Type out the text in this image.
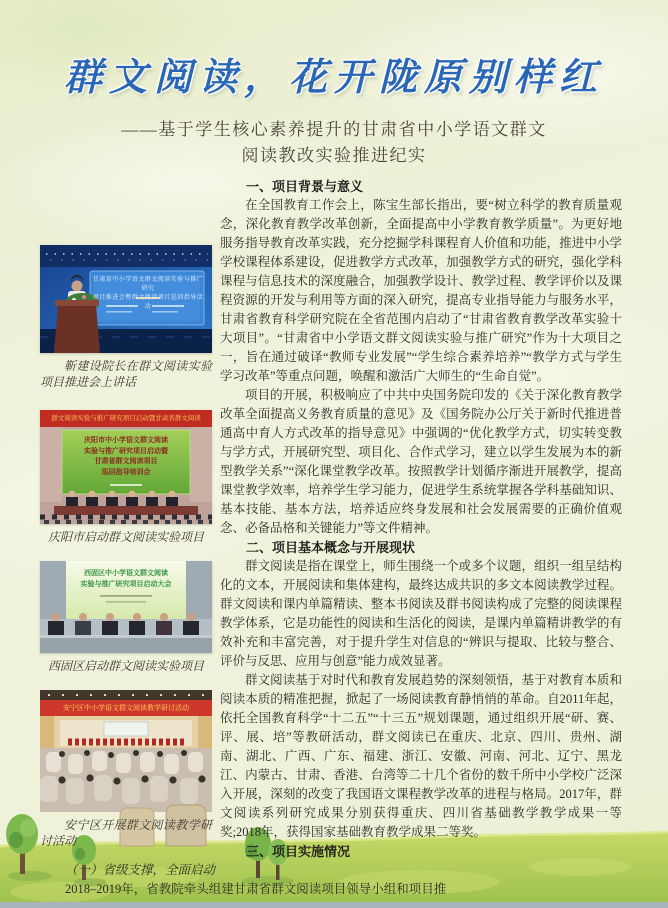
群文阅读，花开陇原别样红
——基于学生核心素养提升的甘肃省中小学语文群文
阅读教改实验推进纪实
甘肃省中小学语文群文阅读实验与推广研究
项目推进会暨群文阅读项目巡回指导活动
靳建设院长在群文阅读实验项目推进会上讲话
群文阅读实验与推广研究项目启动暨甘肃省群文阅读
庆阳市中小学语文群文阅读
实验与推广研究项目启动暨
甘肃省群文阅读项目
巡回指导培训会
庆阳市启动群文阅读实验项目
西固区中小学语文群文阅读
实验与推广研究项目启动大会
西固区启动群文阅读实验项目
安宁区中小学语文群文阅读教学研讨活动
安宁区开展群文阅读教学研讨活动
一、项目背景与意义

在全国教育工作会上，陈宝生部长指出，要“树立科学的教育质量观念，深化教育教学改革创新，全面提高中小学教育教学质量”。为更好地服务指导教育改革实践，充分挖掘学科课程育人价值和功能，推进中小学学校课程体系建设，促进教学方式改革，加强教学方式的研究，强化学科课程与信息技术的深度融合，加强教学设计、教学过程、教学评价以及课程资源的开发与利用等方面的深入研究，提高专业指导能力与服务水平，甘肃省教育科学研究院在全省范围内启动了“甘肃省教育教学改革实验十大项目”。“甘肃省中小学语文群文阅读实验与推广研究”作为十大项目之一，旨在通过破译“教师专业发展”“学生综合素养培养”“教学方式与学生学习改革”等重点问题，唤醒和激活广大师生的“生命自觉”。

项目的开展，积极响应了中共中央国务院印发的《关于深化教育教学改革全面提高义务教育质量的意见》及《国务院办公厅关于新时代推进普通高中育人方式改革的指导意见》中强调的“优化教学方式，切实转变教与学方式，开展研究型、项目化、合作式学习，建立以学生发展为本的新型教学关系”“深化课堂教学改革。按照教学计划循序渐进开展教学，提高课堂教学效率，培养学生学习能力，促进学生系统掌握各学科基础知识、基本技能、基本方法，培养适应终身发展和社会发展需要的正确价值观念、必备品格和关键能力”等文件精神。

二、项目基本概念与开展现状

群文阅读是指在课堂上，师生围绕一个或多个议题，组织一组呈结构化的文本，开展阅读和集体建构，最终达成共识的多文本阅读教学过程。群文阅读和课内单篇精读、整本书阅读及群书阅读构成了完整的阅读课程教学体系，它是功能性的阅读和生活化的阅读，是课内单篇精讲教学的有效补充和丰富完善，对于提升学生对信息的“辨识与提取、比较与整合、评价与反思、应用与创意”能力成效显著。

群文阅读基于对时代和教育发展趋势的深刻领悟，基于对教育本质和阅读本质的精准把握，掀起了一场阅读教育静悄悄的革命。自2011年起，依托全国教育科学“十二五”“十三五”规划课题，通过组织开展“研、赛、评、展、培”等教研活动，群文阅读已在重庆、北京、四川、贵州、湖南、湖北、广西、广东、福建、浙江、安徽、河南、河北、辽宁、黑龙江、内蒙古、甘肃、香港、台湾等二十几个省份的数千所中小学校广泛深入开展，深刻的改变了我国语文课程教学改革的进程与格局。2017年，群文阅读系列研究成果分别获得重庆、四川省基础教学教学成果一等奖;2018年，获得国家基础教育教学成果二等奖。

三、项目实施情况

（一）省级支撑，全面启动

2018–2019年，省教院牵头组建甘肃省群文阅读项目领导小组和项目推
